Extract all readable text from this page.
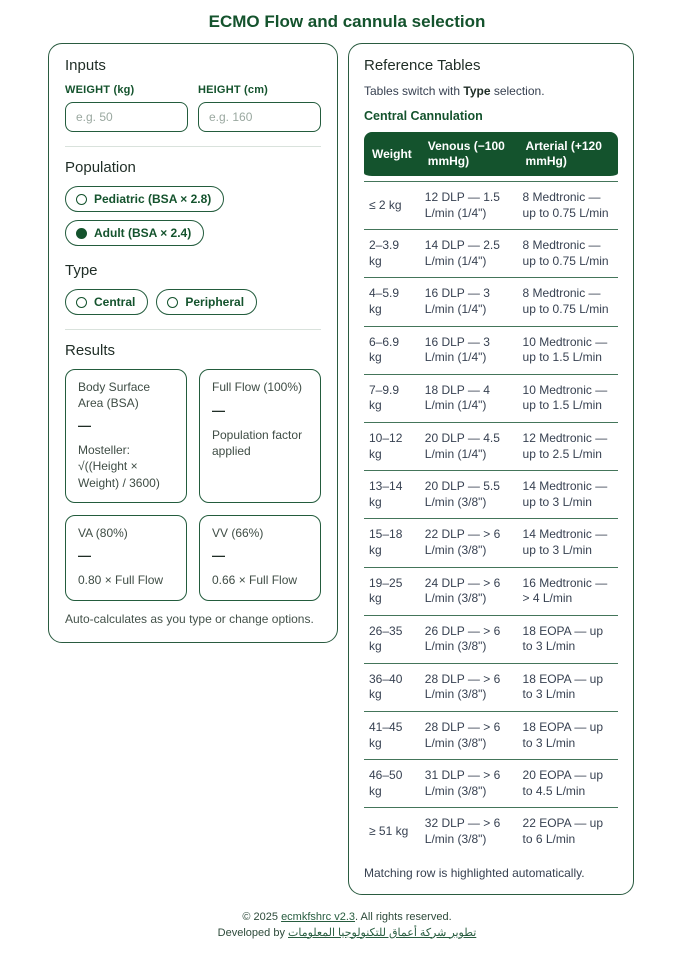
ECMO Flow and cannula selection
Inputs
WEIGHT (kg)
e.g. 50	HEIGHT (cm)
e.g. 160
Population
Pediatric (BSA × 2.8)
Adult (BSA × 2.4)
Type
Central	Peripheral
Results
Body Surface Area (BSA)
—
Mosteller: √((Height × Weight) / 3600)
Full Flow (100%)
—
Population factor applied
VA (80%)
—
0.80 × Full Flow
VV (66%)
—
0.66 × Full Flow
Auto-calculates as you type or change options.
Reference Tables

Tables switch with Type selection.

Central Cannulation
Weight	Venous (−100 mmHg)	Arterial (+120 mmHg)
≤ 2 kg	12 DLP — 1.5 L/min (1/4")	8 Medtronic — up to 0.75 L/min
2–3.9 kg	14 DLP — 2.5 L/min (1/4")	8 Medtronic — up to 0.75 L/min
4–5.9 kg	16 DLP — 3 L/min (1/4")	8 Medtronic — up to 0.75 L/min
6–6.9 kg	16 DLP — 3 L/min (1/4")	10 Medtronic — up to 1.5 L/min
7–9.9 kg	18 DLP — 4 L/min (1/4")	10 Medtronic — up to 1.5 L/min
10–12 kg	20 DLP — 4.5 L/min (1/4")	12 Medtronic — up to 2.5 L/min
13–14 kg	20 DLP — 5.5 L/min (3/8")	14 Medtronic — up to 3 L/min
15–18 kg	22 DLP — > 6 L/min (3/8")	14 Medtronic — up to 3 L/min
19–25 kg	24 DLP — > 6 L/min (3/8")	16 Medtronic — > 4 L/min
26–35 kg	26 DLP — > 6 L/min (3/8")	18 EOPA — up to 3 L/min
36–40 kg	28 DLP — > 6 L/min (3/8")	18 EOPA — up to 3 L/min
41–45 kg	28 DLP — > 6 L/min (3/8")	18 EOPA — up to 3 L/min
46–50 kg	31 DLP — > 6 L/min (3/8")	20 EOPA — up to 4.5 L/min
≥ 51 kg	32 DLP — > 6 L/min (3/8")	22 EOPA — up to 6 L/min
Matching row is highlighted automatically.
© 2025 ecmkfshrc v2.3. All rights reserved.
Developed by تطوير شركة أعماق للتكنولوجيا المعلومات
